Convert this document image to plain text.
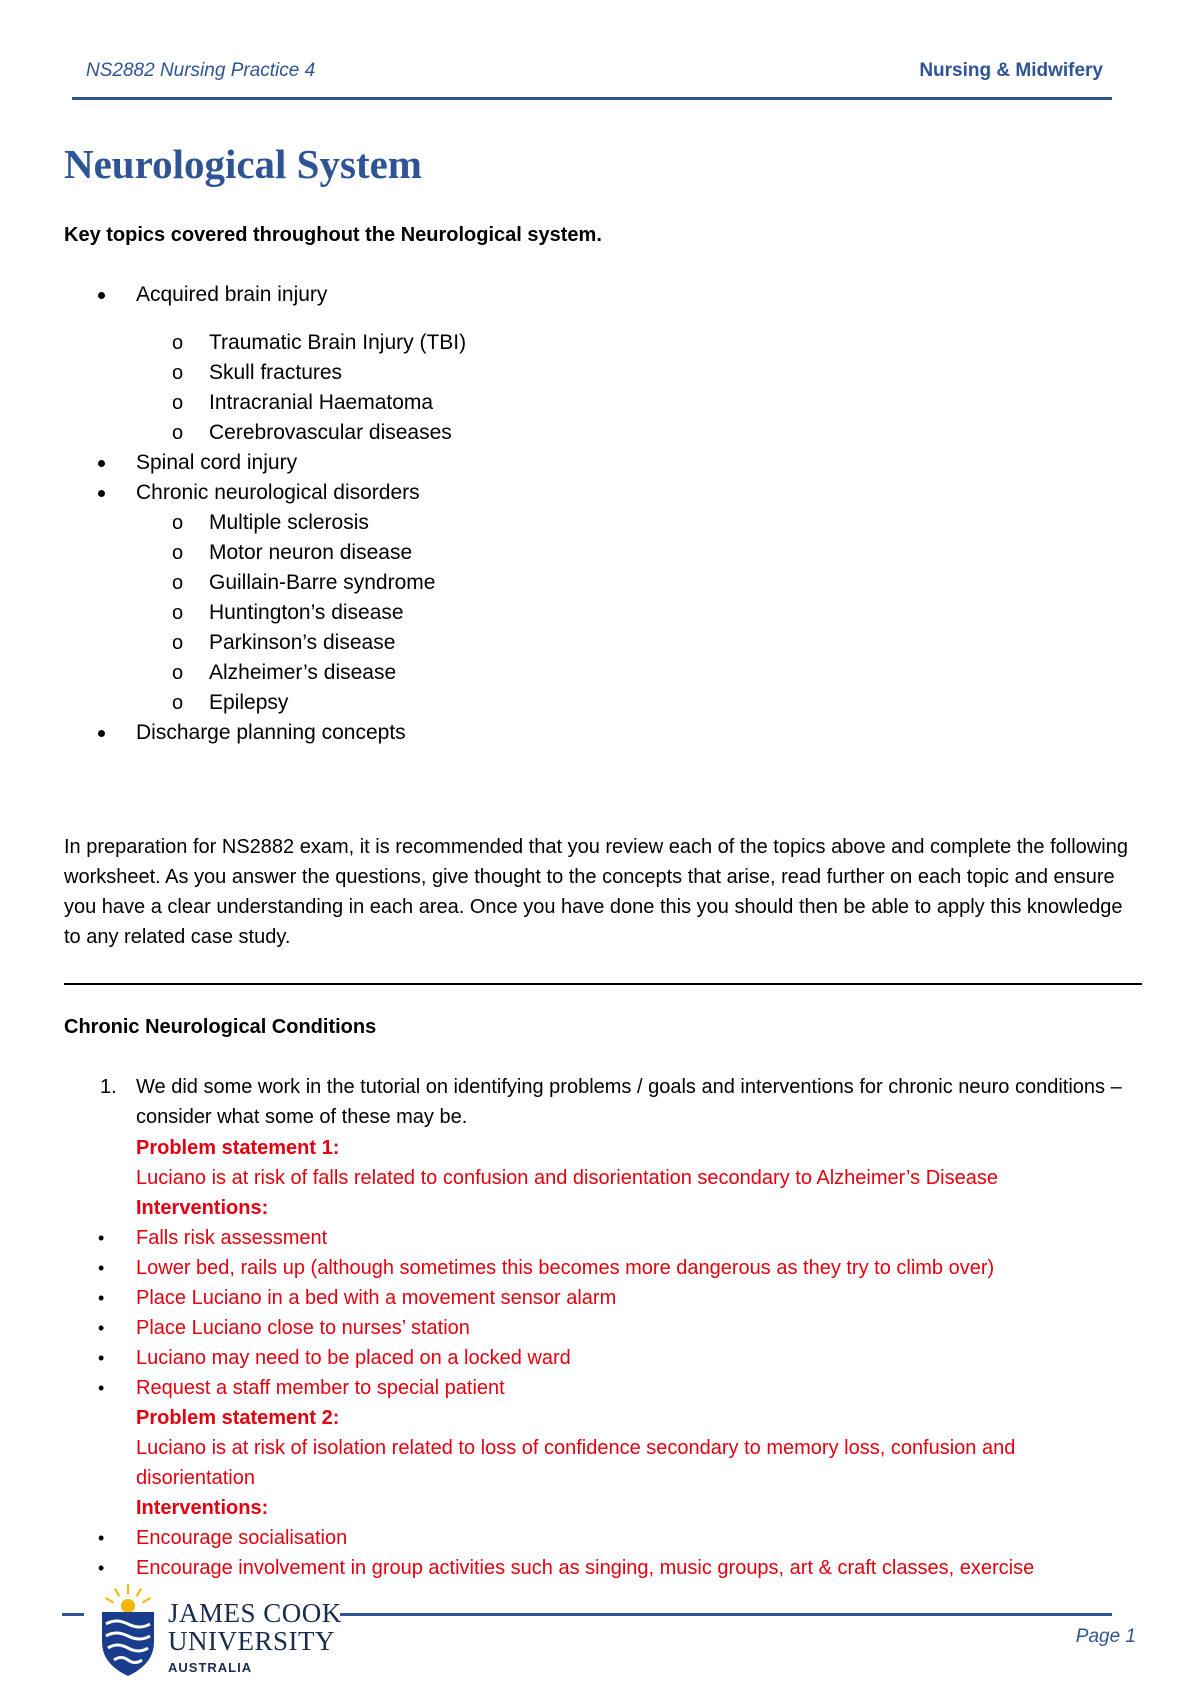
NS2882 Nursing Practice 4	Nursing & Midwifery
Neurological System
Key topics covered throughout the Neurological system.
Acquired brain injury
o Traumatic Brain Injury (TBI)
o Skull fractures
o Intracranial Haematoma
o Cerebrovascular diseases
Spinal cord injury
Chronic neurological disorders
o Multiple sclerosis
o Motor neuron disease
o Guillain-Barre syndrome
o Huntington’s disease
o Parkinson’s disease
o Alzheimer’s disease
o Epilepsy
Discharge planning concepts

In preparation for NS2882 exam, it is recommended that you review each of the topics above and complete the following worksheet. As you answer the questions, give thought to the concepts that arise, read further on each topic and ensure you have a clear understanding in each area. Once you have done this you should then be able to apply this knowledge to any related case study.

Chronic Neurological Conditions
1. We did some work in the tutorial on identifying problems / goals and interventions for chronic neuro conditions – consider what some of these may be.

Problem statement 1:
Luciano is at risk of falls related to confusion and disorientation secondary to Alzheimer’s Disease
Interventions:
• Falls risk assessment
• Lower bed, rails up (although sometimes this becomes more dangerous as they try to climb over)
• Place Luciano in a bed with a movement sensor alarm
• Place Luciano close to nurses’ station
• Luciano may need to be placed on a locked ward
• Request a staff member to special patient
Problem statement 2:
Luciano is at risk of isolation related to loss of confidence secondary to memory loss, confusion and disorientation
Interventions:
• Encourage socialisation
• Encourage involvement in group activities such as singing, music groups, art & craft classes, exercise
JAMES COOK
UNIVERSITY
AUSTRALIA
Page 1
